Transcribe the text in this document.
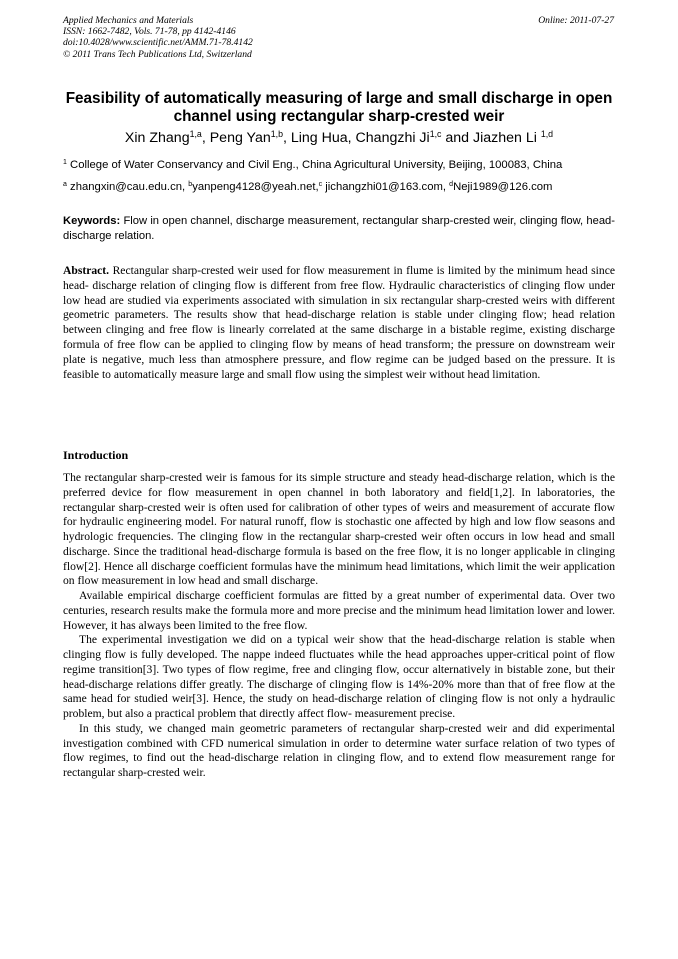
Applied Mechanics and Materials
ISSN: 1662-7482, Vols. 71-78, pp 4142-4146
doi:10.4028/www.scientific.net/AMM.71-78.4142
© 2011 Trans Tech Publications Ltd, Switzerland
Online: 2011-07-27
Feasibility of automatically measuring of large and small discharge in open channel using rectangular sharp-crested weir
Xin Zhang$^{1,a}$, Peng Yan$^{1,b}$, Ling Hua, Changzhi Ji$^{1,c}$ and Jiazhen Li $^{1,d}$
$^1$ College of Water Conservancy and Civil Eng., China Agricultural University, Beijing, 100083, China
$^a$ zhangxin@cau.edu.cn, $^b$yanpeng4128@yeah.net,$^c$ jichangzhi01@163.com, $^d$Neji1989@126.com
Keywords: Flow in open channel, discharge measurement, rectangular sharp-crested weir, clinging flow, head-discharge relation.
Abstract. Rectangular sharp-crested weir used for flow measurement in flume is limited by the minimum head since head- discharge relation of clinging flow is different from free flow. Hydraulic characteristics of clinging flow under low head are studied via experiments associated with simulation in six rectangular sharp-crested weirs with different geometric parameters. The results show that head-discharge relation is stable under clinging flow; head relation between clinging and free flow is linearly correlated at the same discharge in a bistable regime, existing discharge formula of free flow can be applied to clinging flow by means of head transform; the pressure on downstream weir plate is negative, much less than atmosphere pressure, and flow regime can be judged based on the pressure. It is feasible to automatically measure large and small flow using the simplest weir without head limitation.
Introduction

The rectangular sharp-crested weir is famous for its simple structure and steady head-discharge relation, which is the preferred device for flow measurement in open channel in both laboratory and field[1,2]. In laboratories, the rectangular sharp-crested weir is often used for calibration of other types of weirs and measurement of accurate flow for hydraulic engineering model. For natural runoff, flow is stochastic one affected by high and low flow seasons and hydrologic frequencies. The clinging flow in the rectangular sharp-crested weir often occurs in low head and small discharge. Since the traditional head-discharge formula is based on the free flow, it is no longer applicable in clinging flow[2]. Hence all discharge coefficient formulas have the minimum head limitations, which limit the weir application on flow measurement in low head and small discharge.

Available empirical discharge coefficient formulas are fitted by a great number of experimental data. Over two centuries, research results make the formula more and more precise and the minimum head limitation lower and lower. However, it has always been limited to the free flow.

The experimental investigation we did on a typical weir show that the head-discharge relation is stable when clinging flow is fully developed. The nappe indeed fluctuates while the head approaches upper-critical point of flow regime transition[3]. Two types of flow regime, free and clinging flow, occur alternatively in bistable zone, but their head-discharge relations differ greatly. The discharge of clinging flow is 14%-20% more than that of free flow at the same head for studied weir[3]. Hence, the study on head-discharge relation of clinging flow is not only a hydraulic problem, but also a practical problem that directly affect flow- measurement precise.

In this study, we changed main geometric parameters of rectangular sharp-crested weir and did experimental investigation combined with CFD numerical simulation in order to determine water surface relation of two types of flow regimes, to find out the head-discharge relation in clinging flow, and to extend flow measurement range for rectangular sharp-crested weir.
